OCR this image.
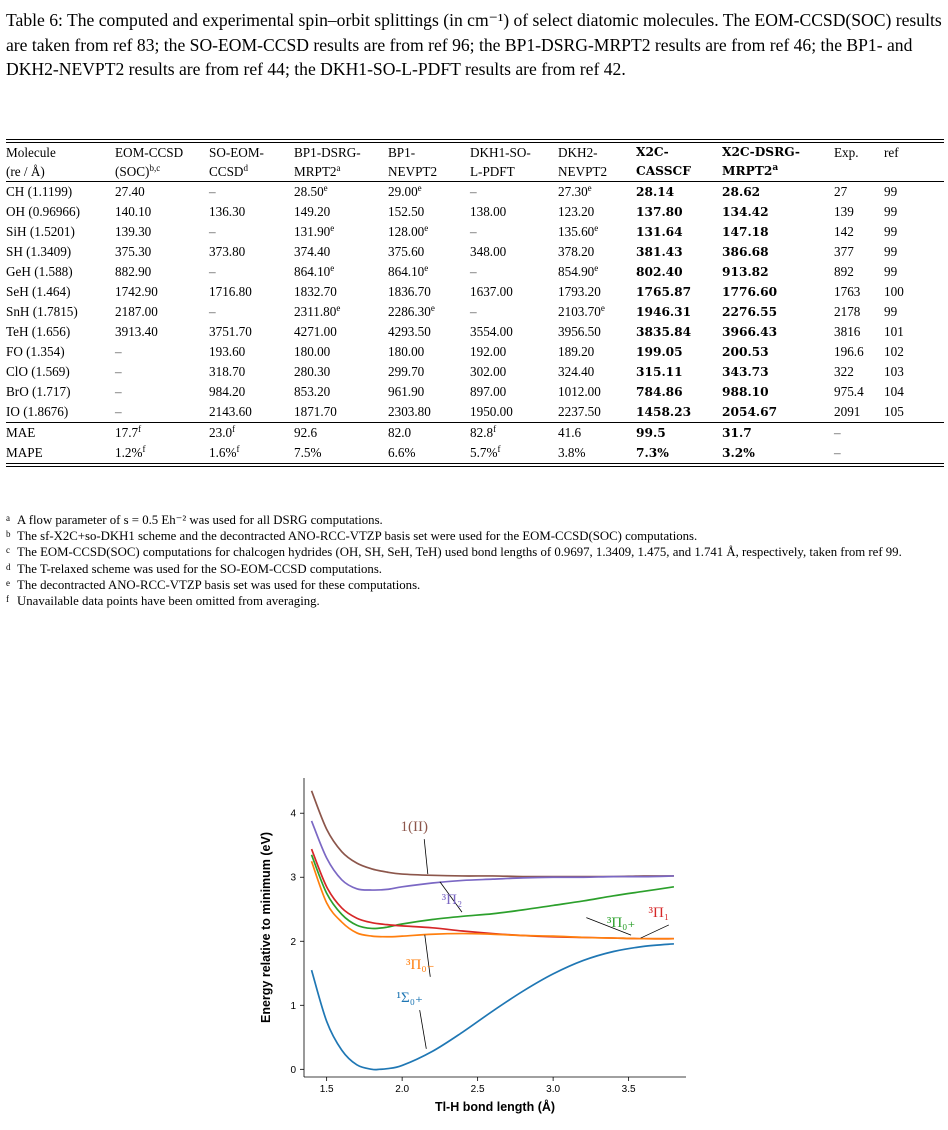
Table 6: The computed and experimental spin–orbit splittings (in cm⁻¹) of select diatomic molecules. The EOM-CCSD(SOC) results are taken from ref 83; the SO-EOM-CCSD results are from ref 96; the BP1-DSRG-MRPT2 results are from ref 46; the BP1- and DKH2-NEVPT2 results are from ref 44; the DKH1-SO-L-PDFT results are from ref 42.
Molecule	EOM-CCSD	SO-EOM-	BP1-DSRG-	BP1-	DKH1-SO-	DKH2-	X2C-	X2C-DSRG-	Exp.	ref
(re / Å)	(SOC)$^{b,c}$	CCSD$^d$	MRPT2$^a$	NEVPT2	L-PDFT	NEVPT2	CASSCF	MRPT2$^a$		
CH (1.1199)	27.40	–	28.50e	29.00e	–	27.30e	28.14	28.62	27	99
OH (0.96966)	140.10	136.30	149.20	152.50	138.00	123.20	137.80	134.42	139	99
SiH (1.5201)	139.30	–	131.90e	128.00e	–	135.60e	131.64	147.18	142	99
SH (1.3409)	375.30	373.80	374.40	375.60	348.00	378.20	381.43	386.68	377	99
GeH (1.588)	882.90	–	864.10e	864.10e	–	854.90e	802.40	913.82	892	99
SeH (1.464)	1742.90	1716.80	1832.70	1836.70	1637.00	1793.20	1765.87	1776.60	1763	100
SnH (1.7815)	2187.00	–	2311.80e	2286.30e	–	2103.70e	1946.31	2276.55	2178	99
TeH (1.656)	3913.40	3751.70	4271.00	4293.50	3554.00	3956.50	3835.84	3966.43	3816	101
FO (1.354)	–	193.60	180.00	180.00	192.00	189.20	199.05	200.53	196.6	102
ClO (1.569)	–	318.70	280.30	299.70	302.00	324.40	315.11	343.73	322	103
BrO (1.717)	–	984.20	853.20	961.90	897.00	1012.00	784.86	988.10	975.4	104
IO (1.8676)	–	2143.60	1871.70	2303.80	1950.00	2237.50	1458.23	2054.67	2091	105
MAE	17.7$^f$	23.0$^f$	92.6	82.0	82.8$^f$	41.6	99.5	31.7	–	
MAPE	1.2%$^f$	1.6%$^f$	7.5%	6.6%	5.7%$^f$	3.8%	7.3%	3.2%	–	
a A flow parameter of s = 0.5 Eh⁻² was used for all DSRG computations.
b The sf-X2C+so-DKH1 scheme and the decontracted ANO-RCC-VTZP basis set were used for the EOM-CCSD(SOC) computations.
c The EOM-CCSD(SOC) computations for chalcogen hydrides (OH, SH, SeH, TeH) used bond lengths of 0.9697, 1.3409, 1.475, and 1.741 Å, respectively, taken from ref 99.
d The T-relaxed scheme was used for the SO-EOM-CCSD computations.
e The decontracted ANO-RCC-VTZP basis set was used for these computations.
f Unavailable data points have been omitted from averaging.
1.5	2.0	2.5	3.0	3.5
0
1
2
3
4
Tl-H bond length (Å)
Energy relative to minimum (eV)
1(II)
³Π₂
³Π₀₊
³Π₁
³Π₀₋
¹Σ₀₊
